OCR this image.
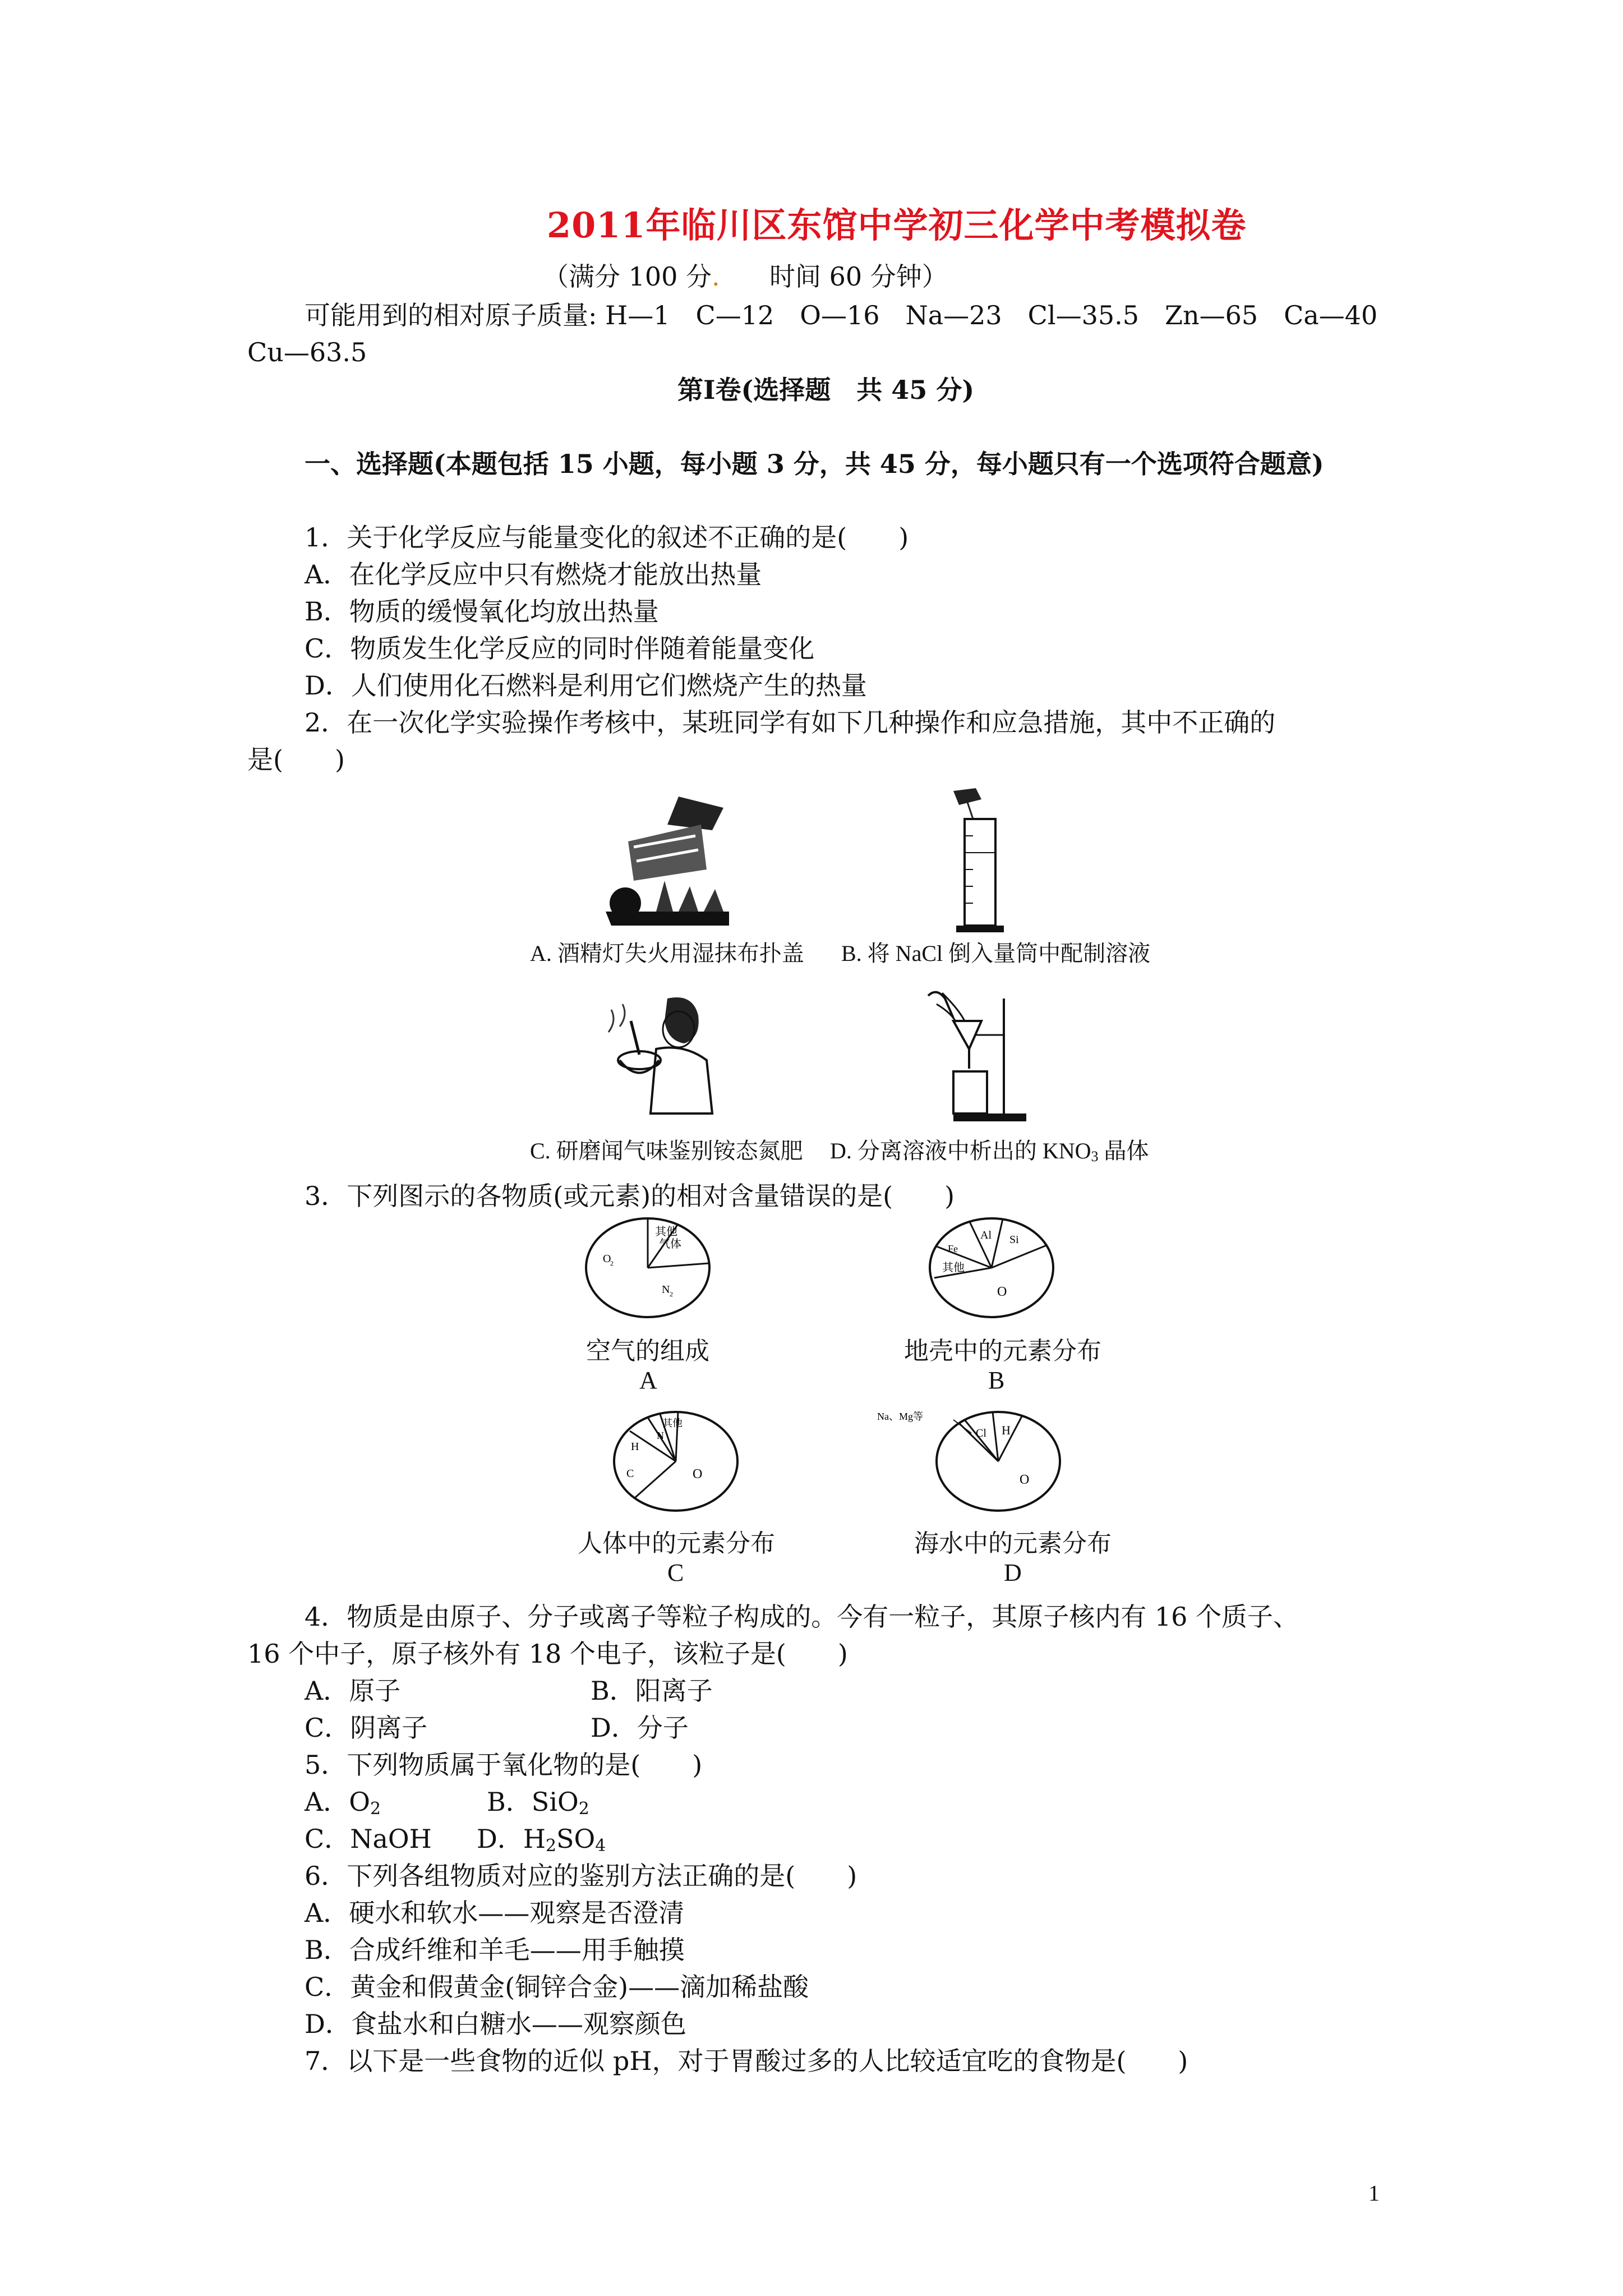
2011年临川区东馆中学初三化学中考模拟卷
（满分 100 分. 时间 60 分钟）
可能用到的相对原子质量: H—1　C—12　O—16　Na—23　Cl—35.5　Zn—65　Ca—40
Cu—63.5
第Ⅰ卷(选择题　共 45 分)
一、选择题(本题包括 15 小题，每小题 3 分，共 45 分，每小题只有一个选项符合题意)
1．关于化学反应与能量变化的叙述不正确的是(　　)
A．在化学反应中只有燃烧才能放出热量
B．物质的缓慢氧化均放出热量
C．物质发生化学反应的同时伴随着能量变化
D．人们使用化石燃料是利用它们燃烧产生的热量
2．在一次化学实验操作考核中，某班同学有如下几种操作和应急措施，其中不正确的
是(　　)
A. 酒精灯失火用湿抹布扑盖 B. 将 NaCl 倒入量筒中配制溶液
C. 研磨闻气味鉴别铵态氮肥 D. 分离溶液中析出的 $KNO_3$ 晶体
3．下列图示的各物质(或元素)的相对含量错误的是(　　)
其他
气体
O
2
N 2
空气的组成
A
Al Si
Fe
其他
O
地壳中的元素分布
B
其他
N
H
C	O
人体中的元素分布
C
Na、Mg等
Cl H
O
海水中的元素分布
D
4．物质是由原子、分子或离子等粒子构成的。今有一粒子，其原子核内有 16 个质子、
16 个中子，原子核外有 18 个电子，该粒子是(　　)
A．原子	B．阳离子
C．阴离子	D．分子
5．下列物质属于氧化物的是(　　)
A．$O_2$	B．SiO$_2$
C．NaOH D．$H_2SO_4$
6．下列各组物质对应的鉴别方法正确的是(　　)
A．硬水和软水——观察是否澄清
B．合成纤维和羊毛——用手触摸
C．黄金和假黄金(铜锌合金)——滴加稀盐酸
D．食盐水和白糖水——观察颜色
7．以下是一些食物的近似 pH，对于胃酸过多的人比较适宜吃的食物是(　　)
1
